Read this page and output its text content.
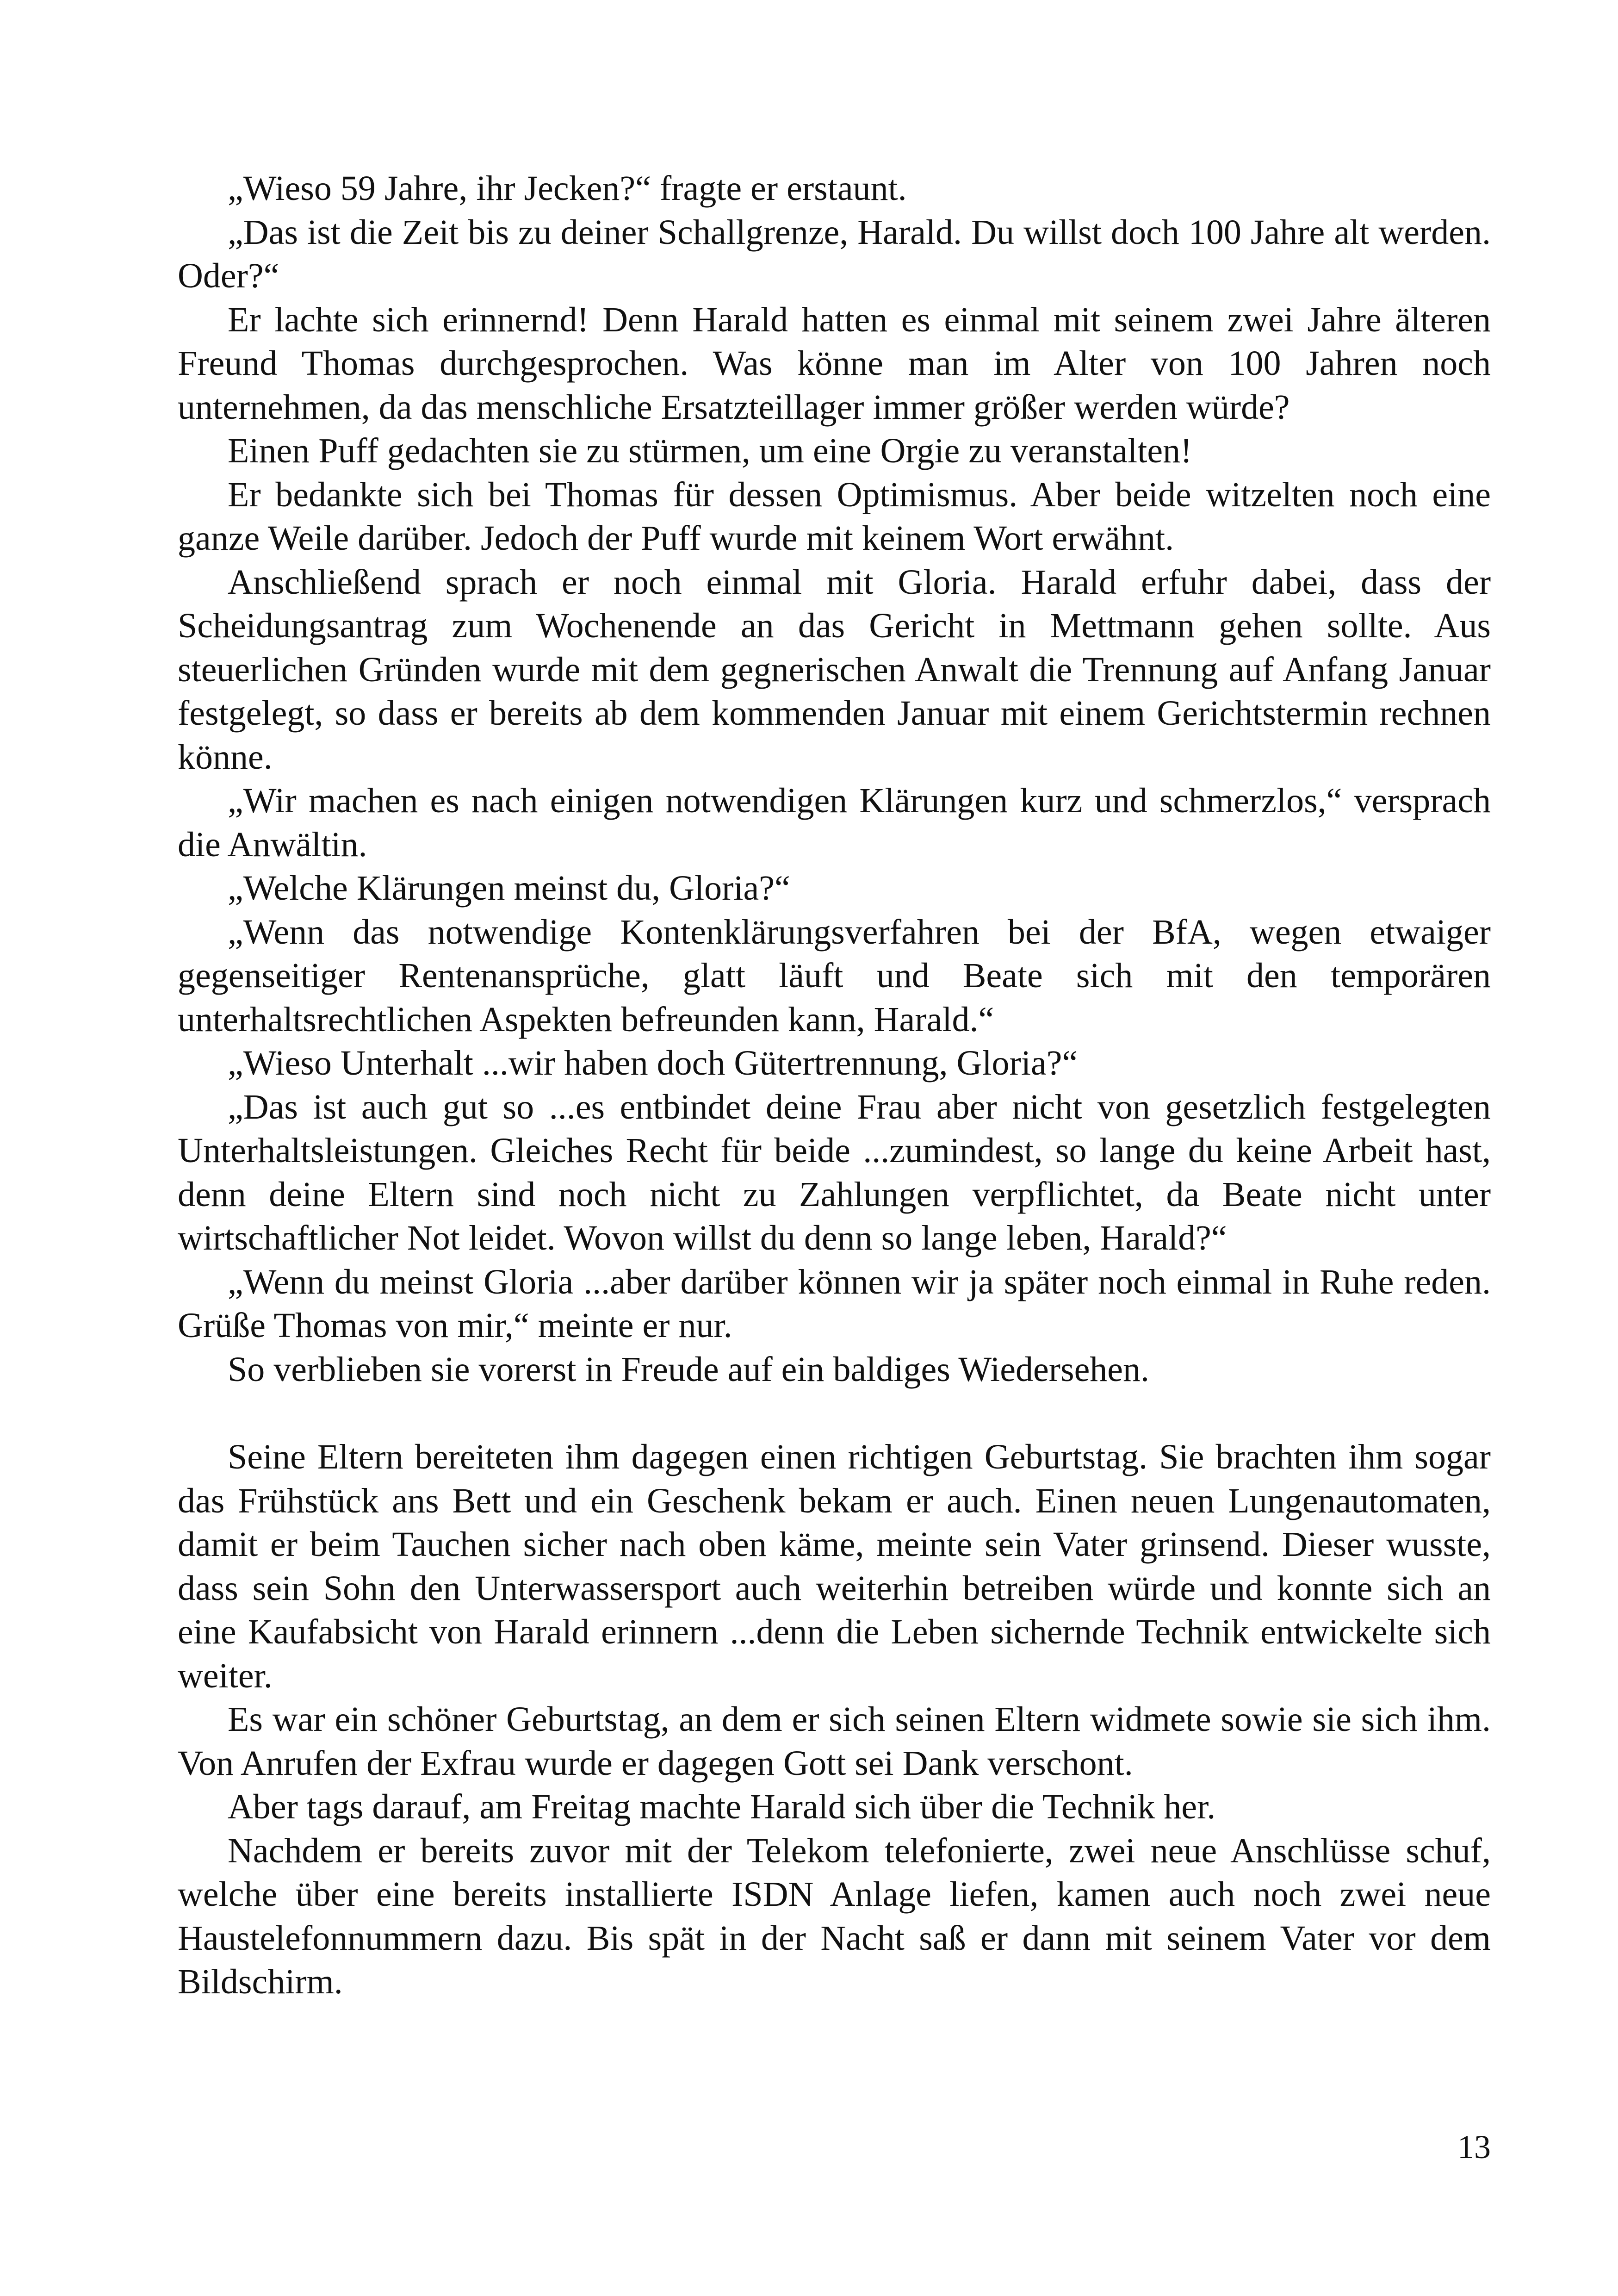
„Wieso 59 Jahre, ihr Jecken?“ fragte er erstaunt.

„Das ist die Zeit bis zu deiner Schallgrenze, Harald. Du willst doch 100 Jahre alt werden. Oder?“

Er lachte sich erinnernd! Denn Harald hatten es einmal mit seinem zwei Jahre älteren Freund Thomas durchgesprochen. Was könne man im Alter von 100 Jahren noch unternehmen, da das menschliche Ersatzteillager immer größer werden würde?

Einen Puff gedachten sie zu stürmen, um eine Orgie zu veranstalten!

Er bedankte sich bei Thomas für dessen Optimismus. Aber beide witzelten noch eine ganze Weile darüber. Jedoch der Puff wurde mit keinem Wort erwähnt.

Anschließend sprach er noch einmal mit Gloria. Harald erfuhr dabei, dass der Scheidungsantrag zum Wochenende an das Gericht in Mettmann gehen sollte. Aus steuerlichen Gründen wurde mit dem gegnerischen Anwalt die Trennung auf Anfang Januar festgelegt, so dass er bereits ab dem kommenden Januar mit einem Gerichtstermin rechnen könne.

„Wir machen es nach einigen notwendigen Klärungen kurz und schmerzlos,“ versprach die Anwältin.

„Welche Klärungen meinst du, Gloria?“

„Wenn das notwendige Kontenklärungsverfahren bei der BfA, wegen etwaiger gegenseitiger Rentenansprüche, glatt läuft und Beate sich mit den temporären unterhaltsrechtlichen Aspekten befreunden kann, Harald.“

„Wieso Unterhalt ...wir haben doch Gütertrennung, Gloria?“

„Das ist auch gut so ...es entbindet deine Frau aber nicht von gesetzlich festgelegten Unterhaltsleistungen. Gleiches Recht für beide ...zumindest, so lange du keine Arbeit hast, denn deine Eltern sind noch nicht zu Zahlungen verpflichtet, da Beate nicht unter wirtschaftlicher Not leidet. Wovon willst du denn so lange leben, Harald?“

„Wenn du meinst Gloria ...aber darüber können wir ja später noch einmal in Ruhe reden. Grüße Thomas von mir,“ meinte er nur.

So verblieben sie vorerst in Freude auf ein baldiges Wiedersehen.

Seine Eltern bereiteten ihm dagegen einen richtigen Geburtstag. Sie brachten ihm sogar das Frühstück ans Bett und ein Geschenk bekam er auch. Einen neuen Lungenautomaten, damit er beim Tauchen sicher nach oben käme, meinte sein Vater grinsend. Dieser wusste, dass sein Sohn den Unterwassersport auch weiterhin betreiben würde und konnte sich an eine Kaufabsicht von Harald erinnern ...denn die Leben sichernde Technik entwickelte sich weiter.

Es war ein schöner Geburtstag, an dem er sich seinen Eltern widmete sowie sie sich ihm. Von Anrufen der Exfrau wurde er dagegen Gott sei Dank verschont.

Aber tags darauf, am Freitag machte Harald sich über die Technik her.

Nachdem er bereits zuvor mit der Telekom telefonierte, zwei neue Anschlüsse schuf, welche über eine bereits installierte ISDN Anlage liefen, kamen auch noch zwei neue Haustelefonnummern dazu. Bis spät in der Nacht saß er dann mit seinem Vater vor dem Bildschirm.

13
